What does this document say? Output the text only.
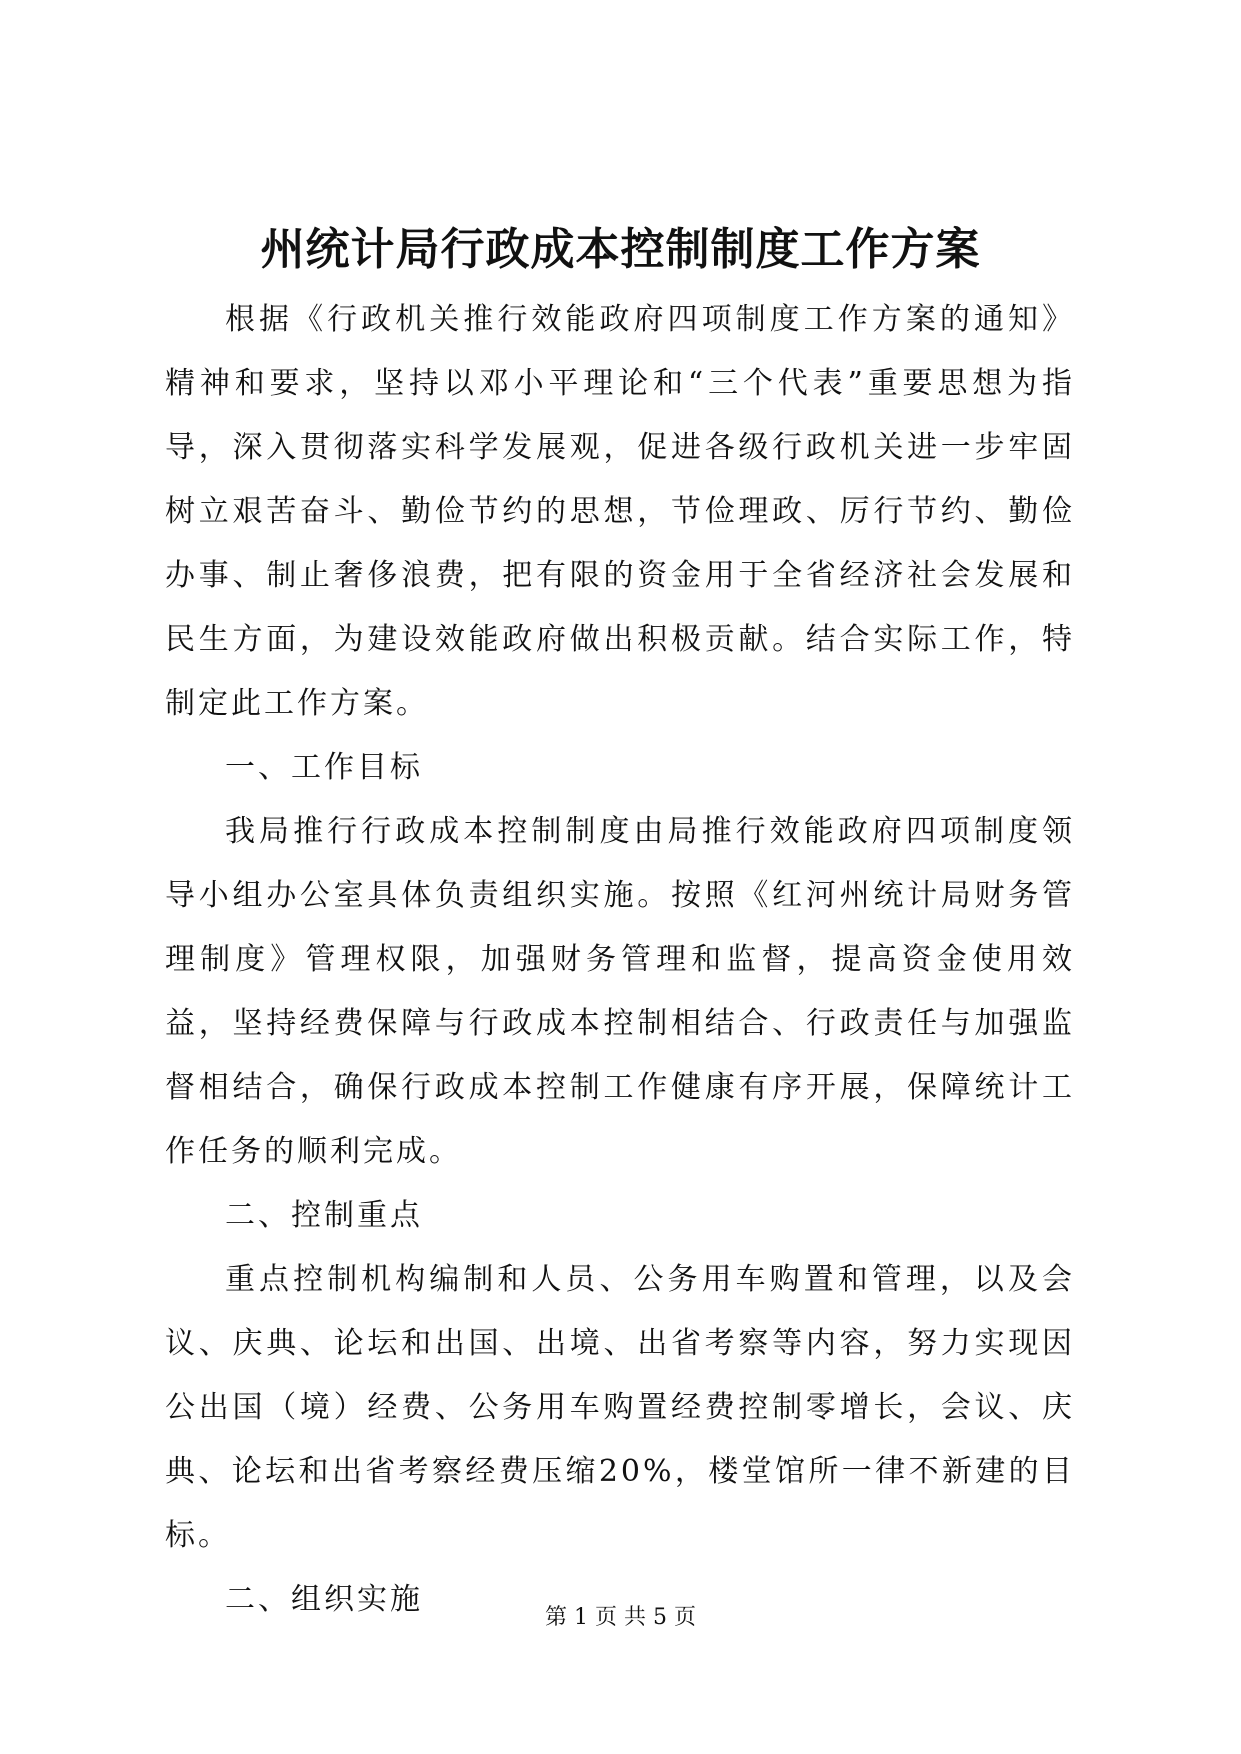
州统计局行政成本控制制度工作方案

根据《行政机关推行效能政府四项制度工作方案的通知》精神和要求，坚持以邓小平理论和“三个代表”重要思想为指导，深入贯彻落实科学发展观，促进各级行政机关进一步牢固树立艰苦奋斗、勤俭节约的思想，节俭理政、厉行节约、勤俭办事、制止奢侈浪费，把有限的资金用于全省经济社会发展和民生方面，为建设效能政府做出积极贡献。结合实际工作，特制定此工作方案。

一、工作目标

我局推行行政成本控制制度由局推行效能政府四项制度领导小组办公室具体负责组织实施。按照《红河州统计局财务管理制度》管理权限，加强财务管理和监督，提高资金使用效益，坚持经费保障与行政成本控制相结合、行政责任与加强监督相结合，确保行政成本控制工作健康有序开展，保障统计工作任务的顺利完成。

二、控制重点

重点控制机构编制和人员、公务用车购置和管理，以及会议、庆典、论坛和出国、出境、出省考察等内容，努力实现因公出国（境）经费、公务用车购置经费控制零增长，会议、庆典、论坛和出省考察经费压缩20%，楼堂馆所一律不新建的目标。

二、组织实施

第 1 页 共 5 页
